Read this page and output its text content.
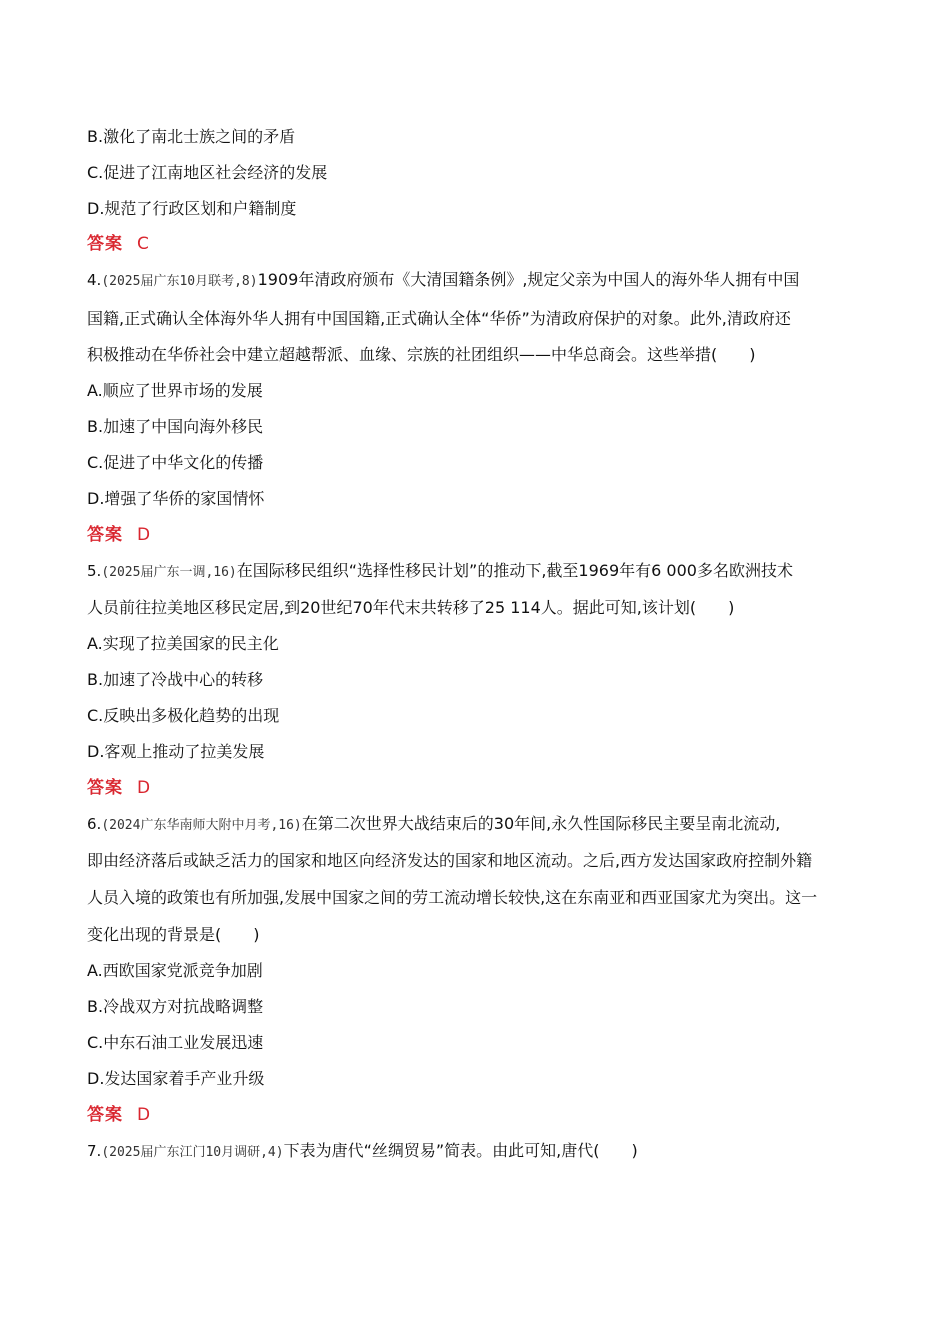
B.激化了南北士族之间的矛盾
C.促进了江南地区社会经济的发展
D.规范了行政区划和户籍制度
答案 C
4.(2025届广东10月联考,8)1909年清政府颁布《大清国籍条例》,规定父亲为中国人的海外华人拥有中国
国籍,正式确认全体海外华人拥有中国国籍,正式确认全体“华侨”为清政府保护的对象。此外,清政府还
积极推动在华侨社会中建立超越帮派、血缘、宗族的社团组织——中华总商会。这些举措(　　)
A.顺应了世界市场的发展
B.加速了中国向海外移民
C.促进了中华文化的传播
D.增强了华侨的家国情怀
答案 D
5.(2025届广东一调,16)在国际移民组织“选择性移民计划”的推动下,截至1969年有6 000多名欧洲技术
人员前往拉美地区移民定居,到20世纪70年代末共转移了25 114人。据此可知,该计划(　　)
A.实现了拉美国家的民主化
B.加速了冷战中心的转移
C.反映出多极化趋势的出现
D.客观上推动了拉美发展
答案 D
6.(2024广东华南师大附中月考,16)在第二次世界大战结束后的30年间,永久性国际移民主要呈南北流动,
即由经济落后或缺乏活力的国家和地区向经济发达的国家和地区流动。之后,西方发达国家政府控制外籍
人员入境的政策也有所加强,发展中国家之间的劳工流动增长较快,这在东南亚和西亚国家尤为突出。这一
变化出现的背景是(　　)
A.西欧国家党派竞争加剧
B.冷战双方对抗战略调整
C.中东石油工业发展迅速
D.发达国家着手产业升级
答案 D
7.(2025届广东江门10月调研,4)下表为唐代“丝绸贸易”简表。由此可知,唐代(　　)
